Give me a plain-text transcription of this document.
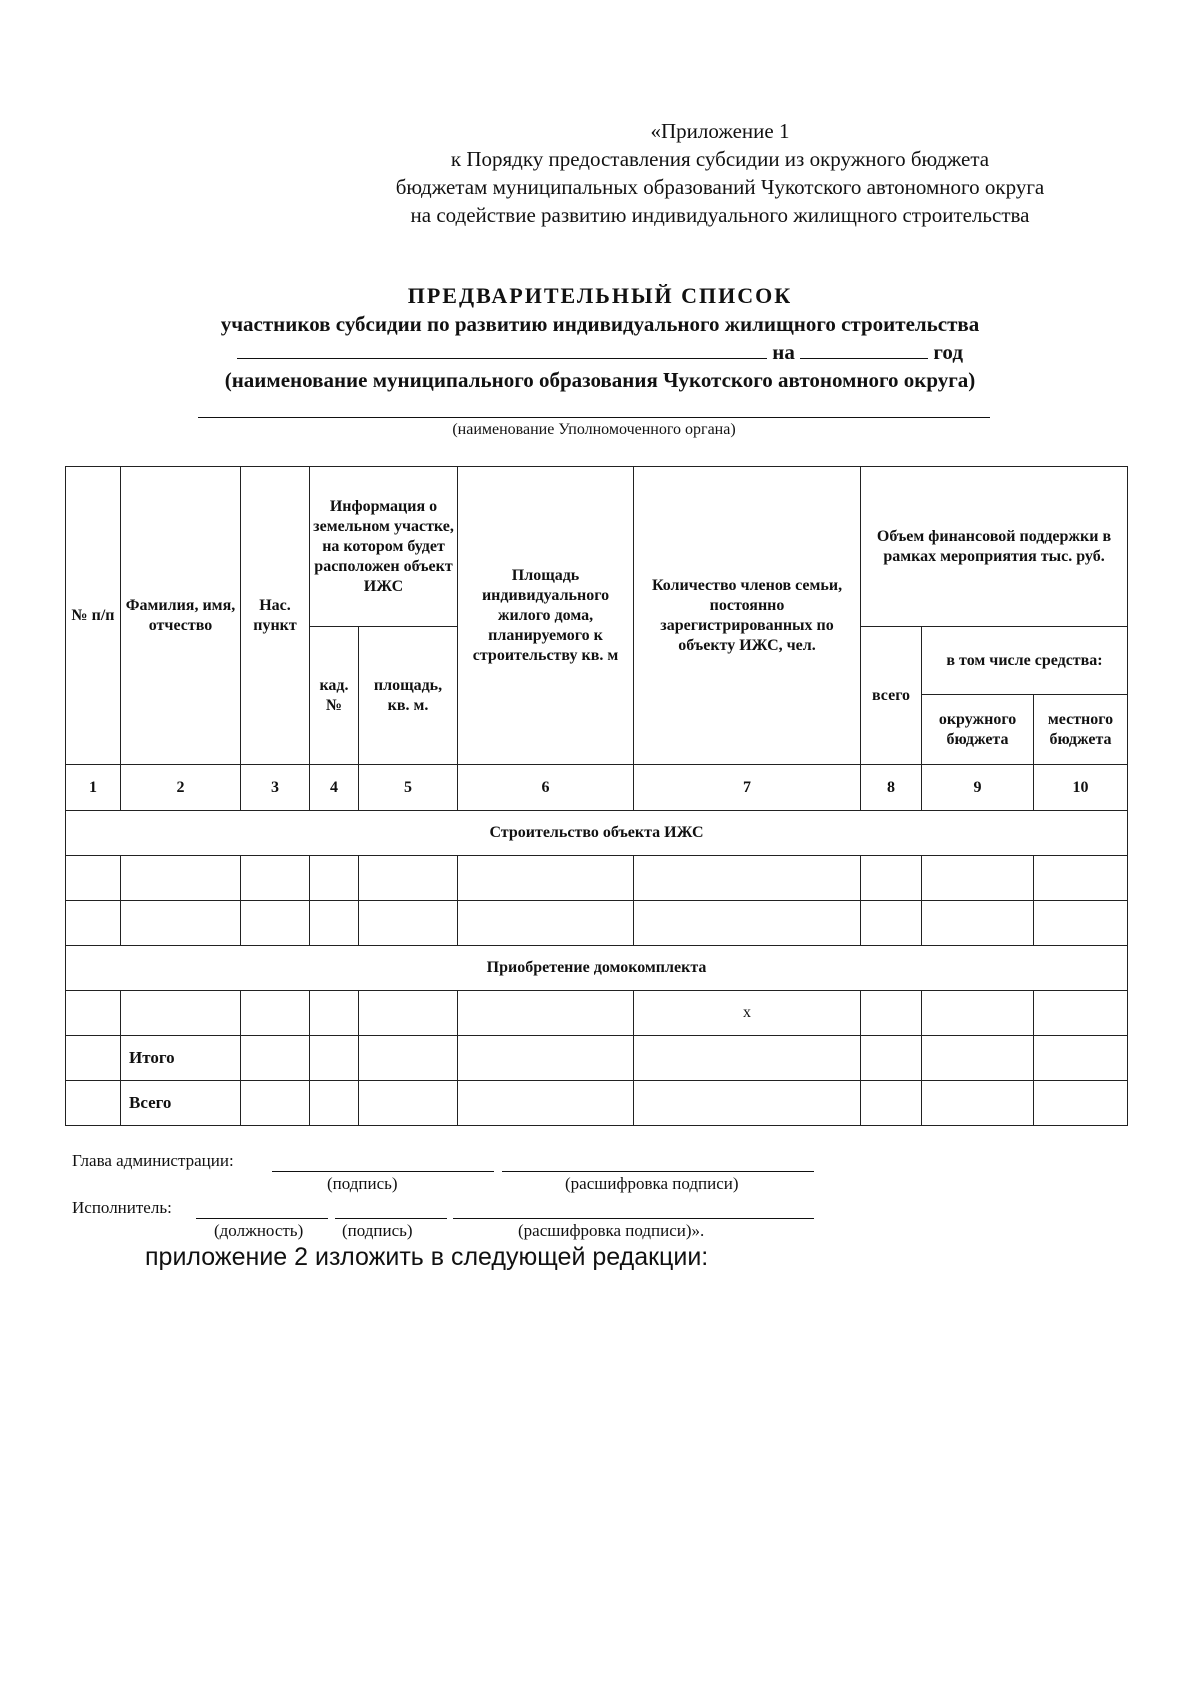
«Приложение 1
к Порядку предоставления субсидии из окружного бюджета
бюджетам муниципальных образований Чукотского автономного округа
на содействие развитию индивидуального жилищного строительства
ПРЕДВАРИТЕЛЬНЫЙ СПИСОК
участников субсидии по развитию индивидуального жилищного строительства
на	год
(наименование муниципального образования Чукотского автономного округа)
(наименование Уполномоченного органа)
№ п/п	Фамилия, имя, отчество	Нас. пункт	Информация о земельном участке, на котором будет расположен объект ИЖС		Площадь индивидуального жилого дома, планируемого к строительству кв. м	Количество членов семьи, постоянно зарегистрированных по объекту ИЖС, чел.	Объем финансовой поддержки в рамках мероприятия тыс. руб.		
			кад. №	площадь, кв. м.			всего	в том числе средства:	
								окружного бюджета	местного бюджета
1	2	3	4	5	6	7	8	9	10
Строительство объекта ИЖС									

Приобретение домокомплекта									
						х			
	Итого								
	Всего								
Глава администрации:
(подпись)	(расшифровка подписи)
Исполнитель:
(должность) (подпись)	(расшифровка подписи)».
приложение 2 изложить в следующей редакции:
